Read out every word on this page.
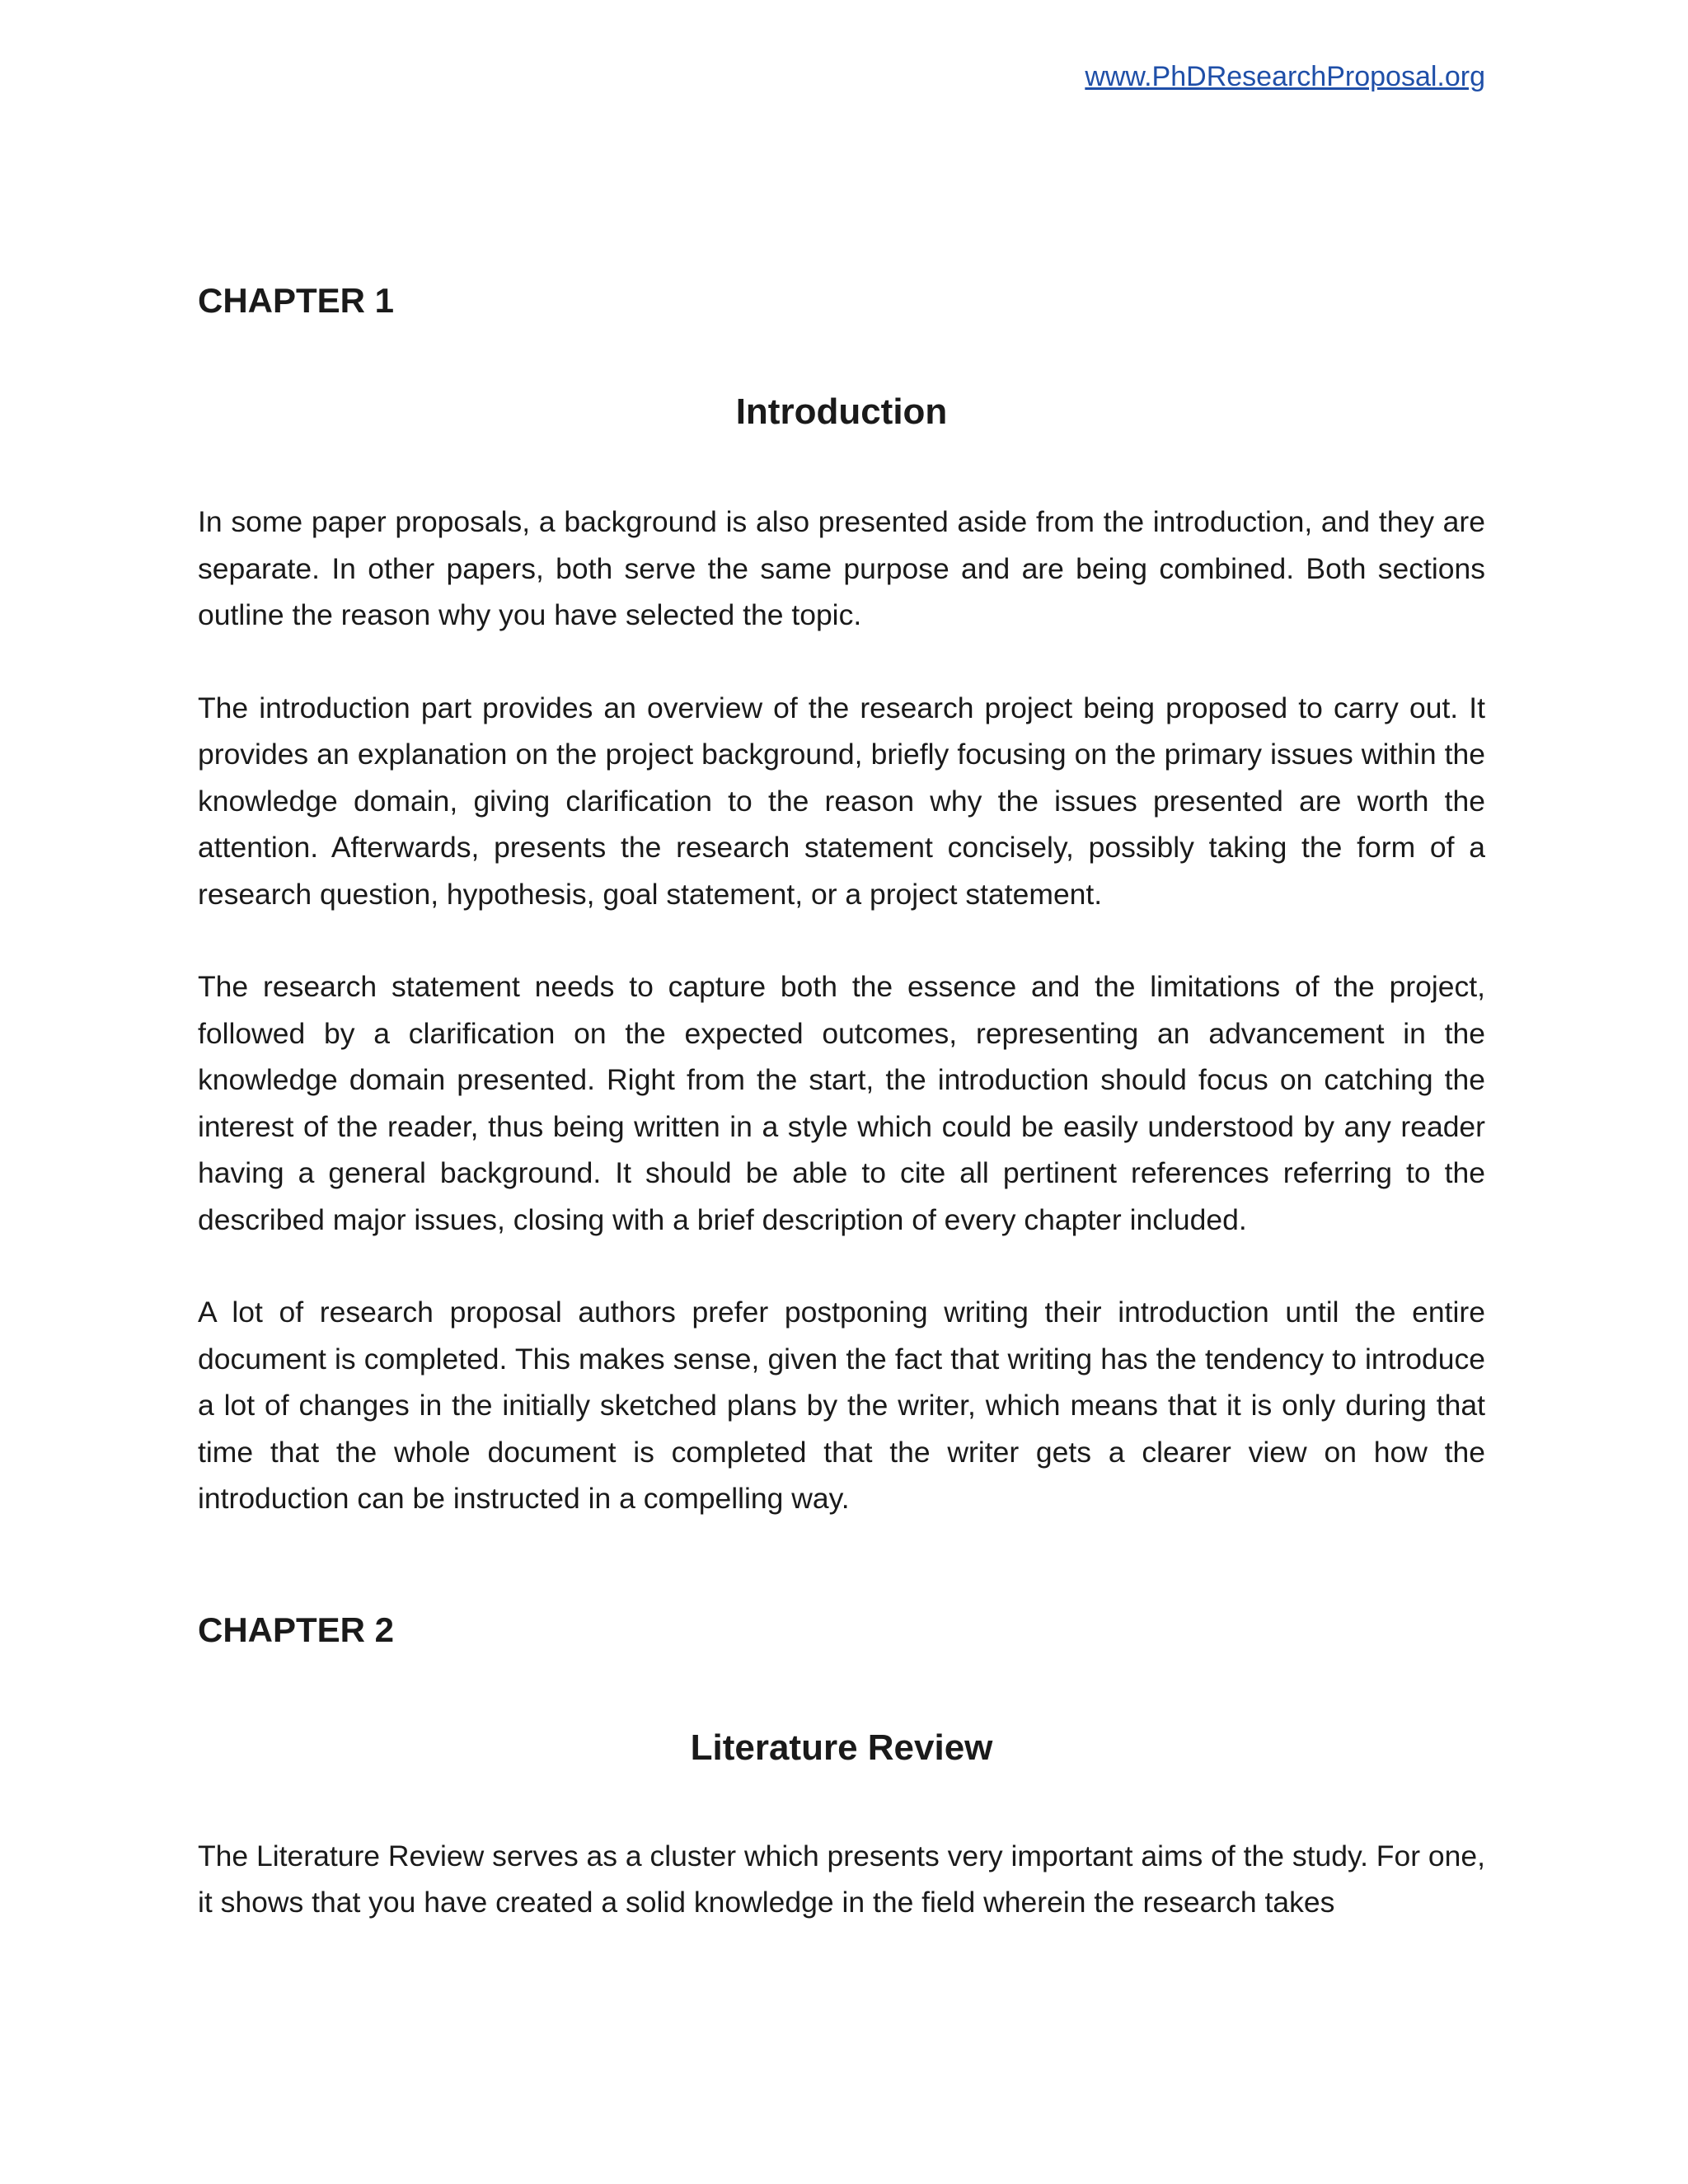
www.PhDResearchProposal.org
CHAPTER 1
Introduction

In some paper proposals, a background is also presented aside from the introduction, and they are separate. In other papers, both serve the same purpose and are being combined. Both sections outline the reason why you have selected the topic.

The introduction part provides an overview of the research project being proposed to carry out. It provides an explanation on the project background, briefly focusing on the primary issues within the knowledge domain, giving clarification to the reason why the issues presented are worth the attention. Afterwards, presents the research statement concisely, possibly taking the form of a research question, hypothesis, goal statement, or a project statement.

The research statement needs to capture both the essence and the limitations of the project, followed by a clarification on the expected outcomes, representing an advancement in the knowledge domain presented. Right from the start, the introduction should focus on catching the interest of the reader, thus being written in a style which could be easily understood by any reader having a general background. It should be able to cite all pertinent references referring to the described major issues, closing with a brief description of every chapter included.

A lot of research proposal authors prefer postponing writing their introduction until the entire document is completed. This makes sense, given the fact that writing has the tendency to introduce a lot of changes in the initially sketched plans by the writer, which means that it is only during that time that the whole document is completed that the writer gets a clearer view on how the introduction can be instructed in a compelling way.

CHAPTER 2
Literature Review

The Literature Review serves as a cluster which presents very important aims of the study. For one, it shows that you have created a solid knowledge in the field wherein the research takes
